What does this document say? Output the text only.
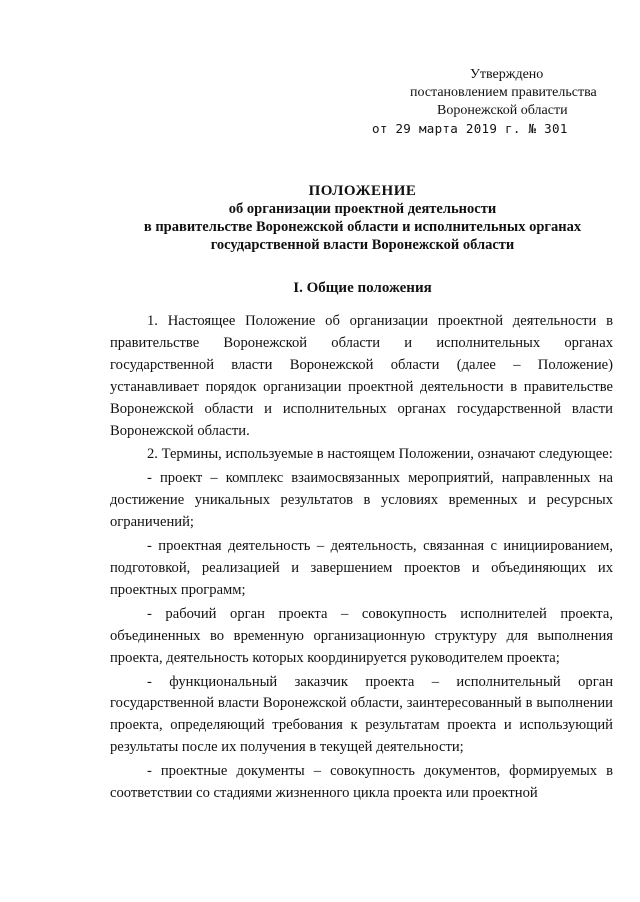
Утверждено
постановлением правительства
Воронежской области
от 29 марта 2019 г. № 301
ПОЛОЖЕНИЕ
об организации проектной деятельности
в правительстве Воронежской области и исполнительных органах
государственной власти Воронежской области
I. Общие положения

1. Настоящее Положение об организации проектной деятельности в правительстве Воронежской области и исполнительных органах государственной власти Воронежской области (далее – Положение) устанавливает порядок организации проектной деятельности в правительстве Воронежской области и исполнительных органах государственной власти Воронежской области.

2. Термины, используемые в настоящем Положении, означают следующее:

- проект – комплекс взаимосвязанных мероприятий, направленных на достижение уникальных результатов в условиях временных и ресурсных ограничений;

- проектная деятельность – деятельность, связанная с инициированием, подготовкой, реализацией и завершением проектов и объединяющих их проектных программ;

- рабочий орган проекта – совокупность исполнителей проекта, объединенных во временную организационную структуру для выполнения проекта, деятельность которых координируется руководителем проекта;

- функциональный заказчик проекта – исполнительный орган государственной власти Воронежской области, заинтересованный в выполнении проекта, определяющий требования к результатам проекта и использующий результаты после их получения в текущей деятельности;

- проектные документы – совокупность документов, формируемых в соответствии со стадиями жизненного цикла проекта или проектной
